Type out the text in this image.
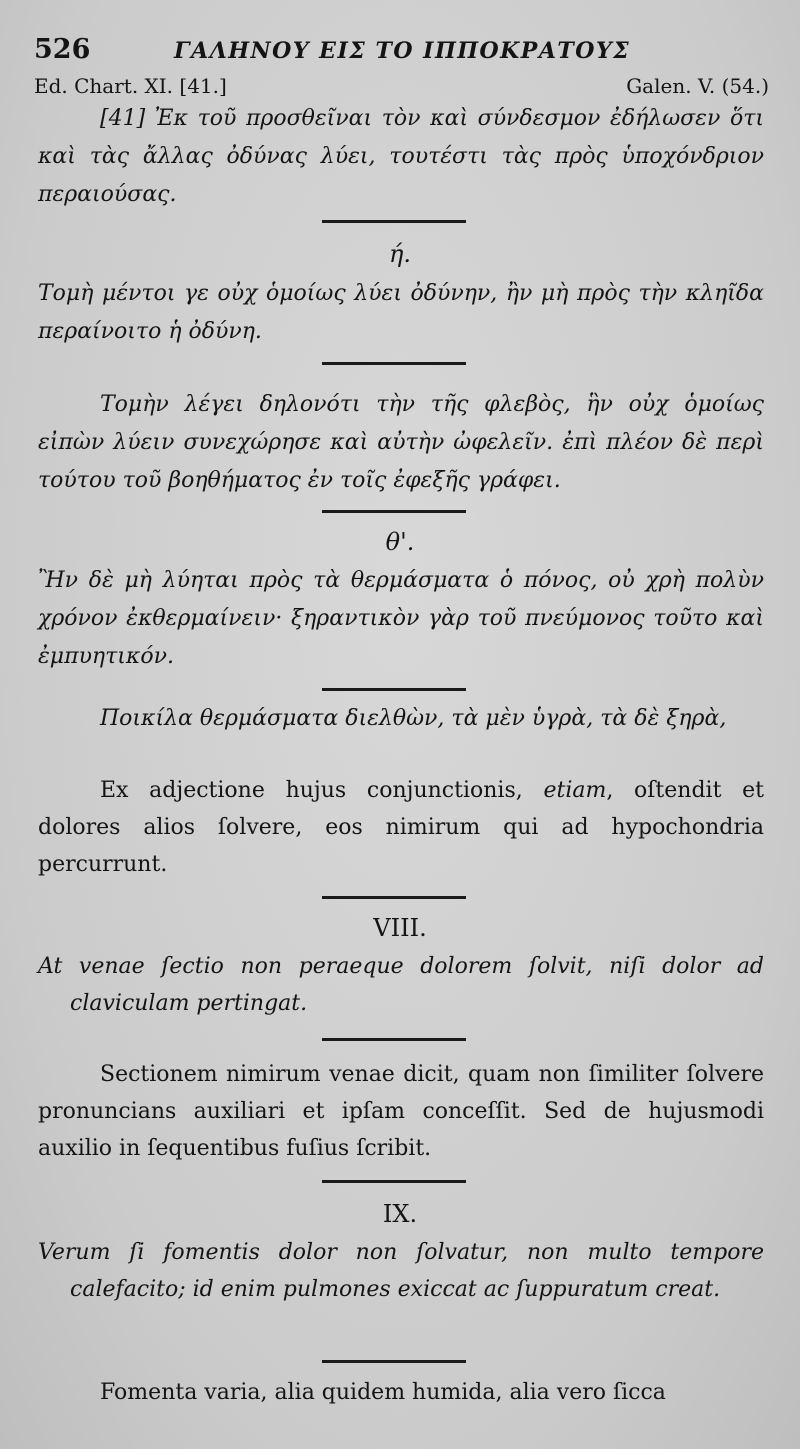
526	ΓΑΛΗΝΟΥ ΕΙΣ ΤΟ ΙΠΠΟΚΡΑΤΟΥΣ
Ed. Chart. XI. [41.]	Galen. V. (54.)

[41] Ἐκ τοῦ προσθεῖναι τὸν καὶ σύνδεσμον ἐδήλωσεν ὅτι καὶ τὰς ἄλλας ὀδύνας λύει, τουτέστι τὰς πρὸς ὑποχόνδριον περαιούσας.

ή.

Τομὴ μέντοι γε οὐχ ὁμοίως λύει ὀδύνην, ἢν μὴ πρὸς τὴν κληῖδα περαίνοιτο ἡ ὀδύνη.

Τομὴν λέγει δηλονότι τὴν τῆς φλεβὸς, ἣν οὐχ ὁμοίως εἰπὼν λύειν συνεχώρησε καὶ αὐτὴν ὠφελεῖν. ἐπὶ πλέον δὲ περὶ τούτου τοῦ βοηθήματος ἐν τοῖς ἐφεξῆς γράφει.

θ'.

Ἢν δὲ μὴ λύηται πρὸς τὰ θερμάσματα ὁ πόνος, οὐ χρὴ πολὺν χρόνον ἐκθερμαίνειν· ξηραντικὸν γὰρ τοῦ πνεύμονος τοῦτο καὶ ἐμπυητικόν.

Ποικίλα θερμάσματα διελθὼν, τὰ μὲν ὑγρὰ, τὰ δὲ ξηρὰ,

Ex adjectione hujus conjunctionis, etiam, oſtendit et dolores alios ſolvere, eos nimirum qui ad hypochondria percurrunt.

VIII.

At venae ſectio non peraeque dolorem ſolvit, niſi dolor ad claviculam pertingat.

Sectionem nimirum venae dicit, quam non ſimiliter ſolvere pronuncians auxiliari et ipſam conceſſit. Sed de hujusmodi auxilio in ſequentibus fuſius ſcribit.

IX.

Verum ſi fomentis dolor non ſolvatur, non multo tempore calefacito; id enim pulmones exiccat ac ſuppuratum creat.

Fomenta varia, alia quidem humida, alia vero ſicca
